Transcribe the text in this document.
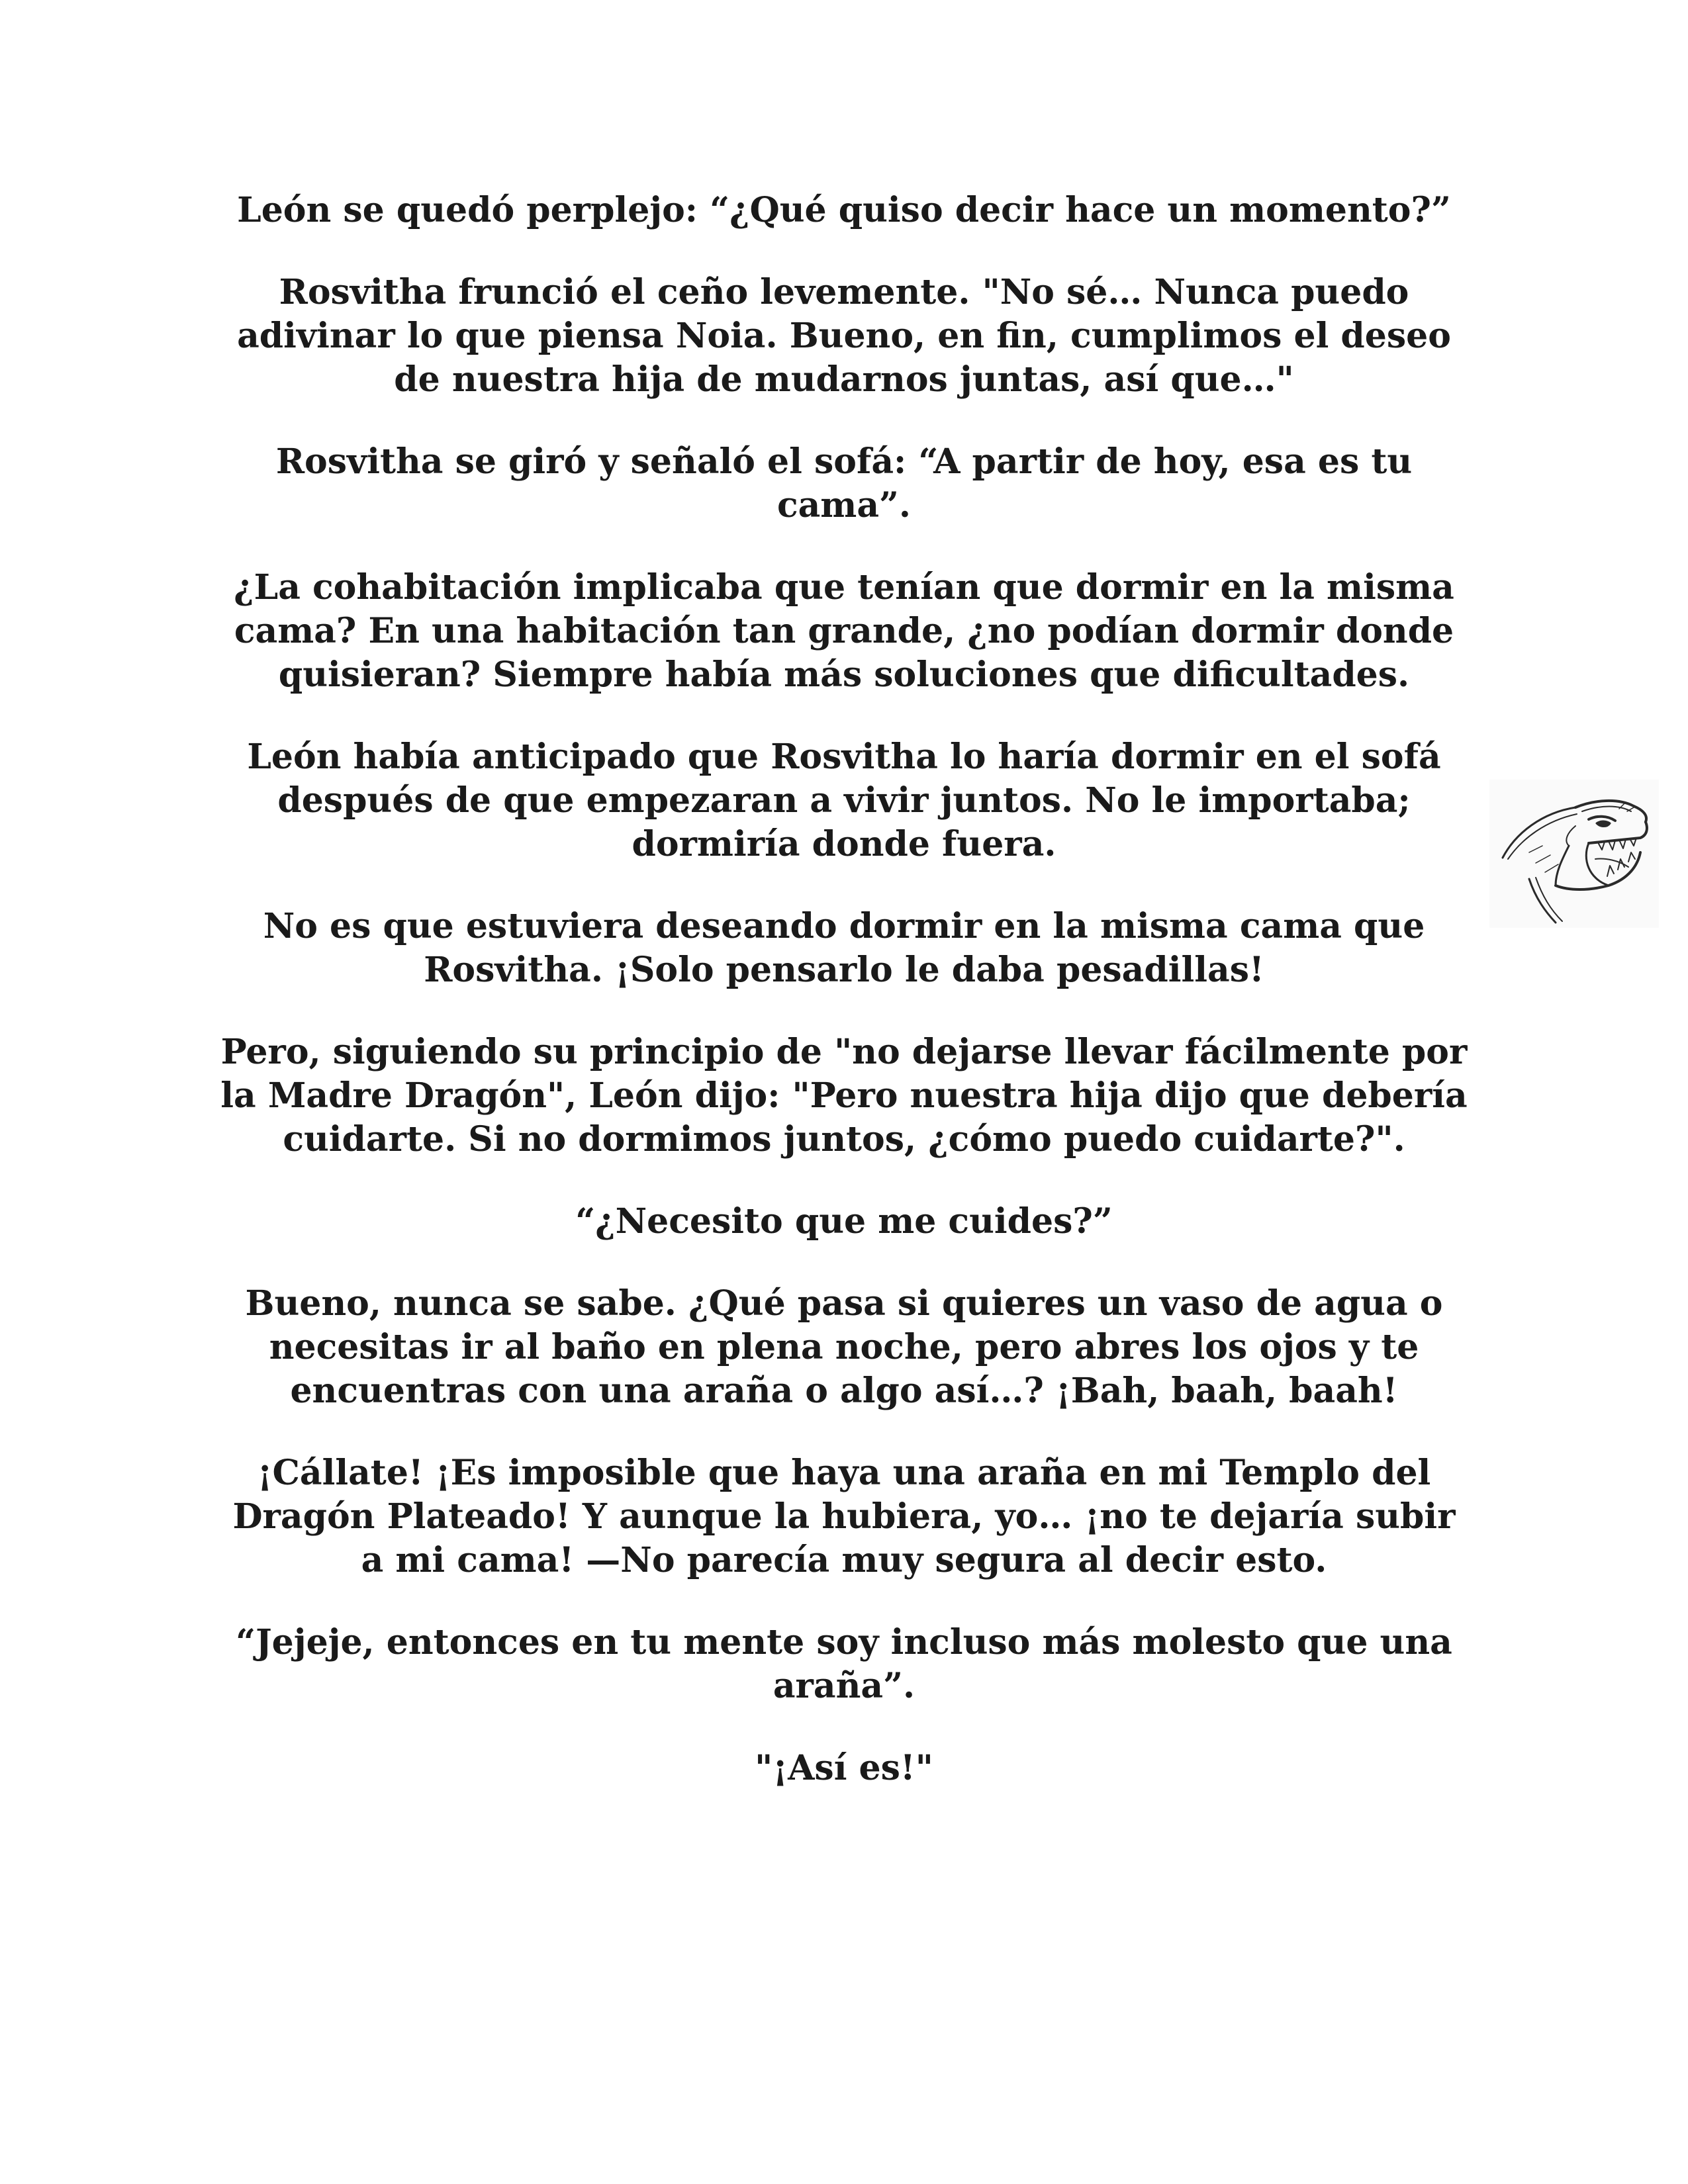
León se quedó perplejo: “¿Qué quiso decir hace un momento?”

Rosvitha frunció el ceño levemente. "No sé… Nunca puedo adivinar lo que piensa Noia. Bueno, en fin, cumplimos el deseo de nuestra hija de mudarnos juntas, así que…"

Rosvitha se giró y señaló el sofá: “A partir de hoy, esa es tu cama”.

¿La cohabitación implicaba que tenían que dormir en la misma cama? En una habitación tan grande, ¿no podían dormir donde quisieran? Siempre había más soluciones que dificultades.

León había anticipado que Rosvitha lo haría dormir en el sofá después de que empezaran a vivir juntos. No le importaba; dormiría donde fuera.

No es que estuviera deseando dormir en la misma cama que Rosvitha. ¡Solo pensarlo le daba pesadillas!

Pero, siguiendo su principio de "no dejarse llevar fácilmente por la Madre Dragón", León dijo: "Pero nuestra hija dijo que debería cuidarte. Si no dormimos juntos, ¿cómo puedo cuidarte?".

“¿Necesito que me cuides?”

Bueno, nunca se sabe. ¿Qué pasa si quieres un vaso de agua o necesitas ir al baño en plena noche, pero abres los ojos y te encuentras con una araña o algo así…? ¡Bah, baah, baah!

¡Cállate! ¡Es imposible que haya una araña en mi Templo del Dragón Plateado! Y aunque la hubiera, yo… ¡no te dejaría subir a mi cama! —No parecía muy segura al decir esto.

“Jejeje, entonces en tu mente soy incluso más molesto que una araña”.

"¡Así es!"
